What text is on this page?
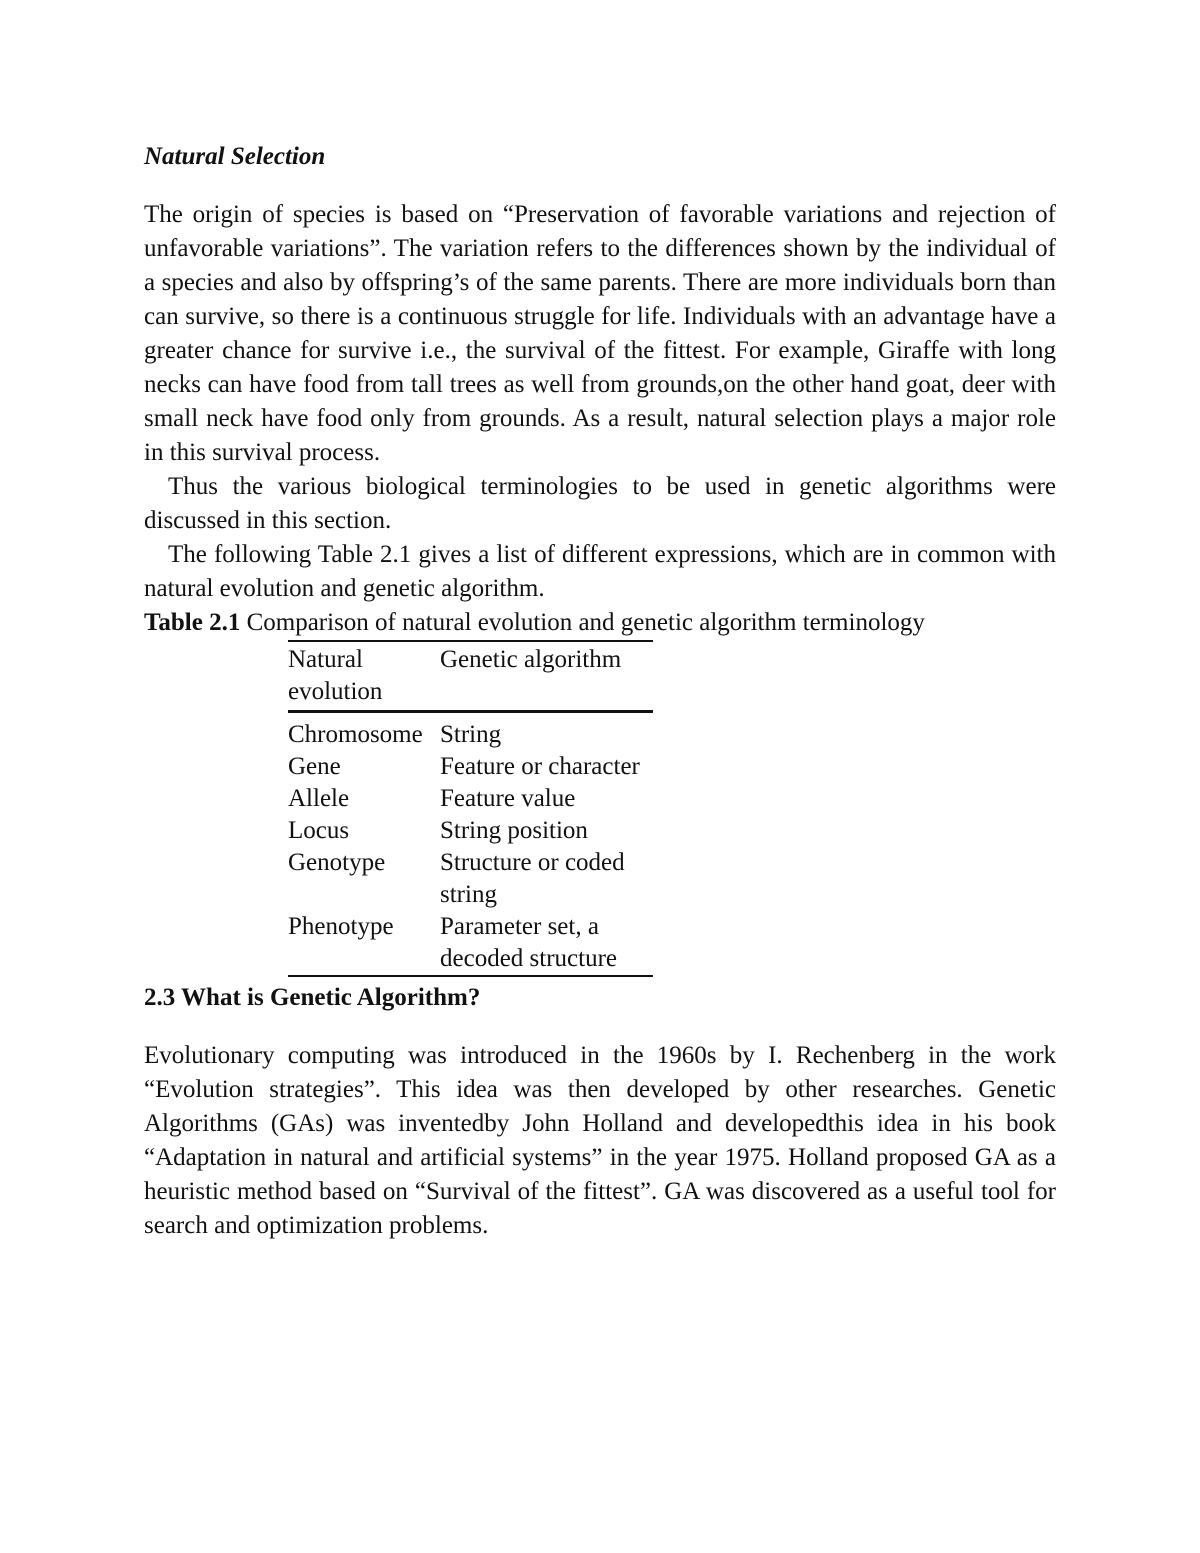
Natural Selection

The origin of species is based on “Preservation of favorable variations and rejection of unfavorable variations”. The variation refers to the differences shown by the individual of a species and also by offspring’s of the same parents. There are more individuals born than can survive, so there is a continuous struggle for life. Individuals with an advantage have a greater chance for survive i.e., the survival of the fittest. For example, Giraffe with long necks can have food from tall trees as well from grounds,on the other hand goat, deer with small neck have food only from grounds. As a result, natural selection plays a major role in this survival process.

Thus the various biological terminologies to be used in genetic algorithms were discussed in this section.

The following Table 2.1 gives a list of different expressions, which are in common with natural evolution and genetic algorithm.

Table 2.1 Comparison of natural evolution and genetic algorithm terminology
Natural evolution	Genetic algorithm
Chromosome	String
Gene	Feature or character
Allele	Feature value
Locus	String position
Genotype	Structure or coded string
Phenotype	Parameter set, a decoded structure
2.3 What is Genetic Algorithm?

Evolutionary computing was introduced in the 1960s by I. Rechenberg in the work “Evolution strategies”. This idea was then developed by other researches. Genetic Algorithms (GAs) was inventedby John Holland and developedthis idea in his book “Adaptation in natural and artificial systems” in the year 1975. Holland proposed GA as a heuristic method based on “Survival of the fittest”. GA was discovered as a useful tool for search and optimization problems.
